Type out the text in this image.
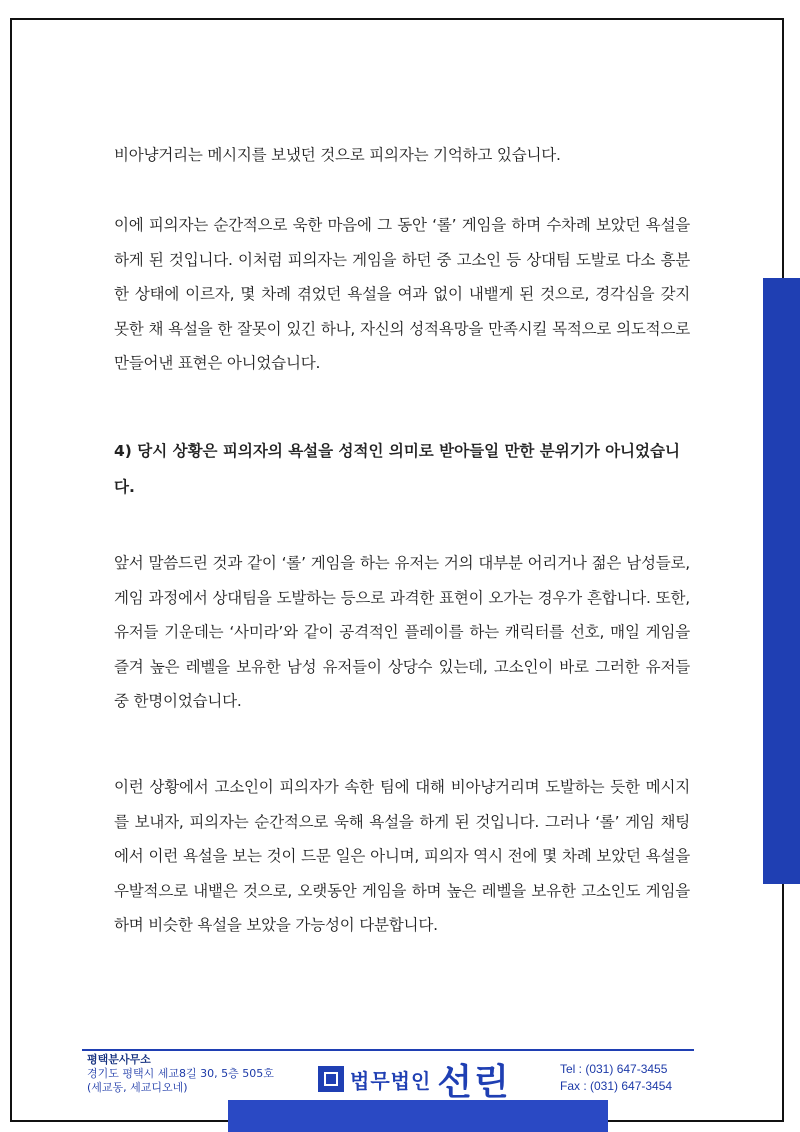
비아냥거리는 메시지를 보냈던 것으로 피의자는 기억하고 있습니다.

이에 피의자는 순간적으로 욱한 마음에 그 동안 ‘롤’ 게임을 하며 수차례 보았던 욕설을 하게 된 것입니다. 이처럼 피의자는 게임을 하던 중 고소인 등 상대팀 도발로 다소 흥분한 상태에 이르자, 몇 차례 겪었던 욕설을 여과 없이 내뱉게 된 것으로, 경각심을 갖지 못한 채 욕설을 한 잘못이 있긴 하나, 자신의 성적욕망을 만족시킬 목적으로 의도적으로 만들어낸 표현은 아니었습니다.

4) 당시 상황은 피의자의 욕설을 성적인 의미로 받아들일 만한 분위기가 아니었습니다.

앞서 말씀드린 것과 같이 ‘롤’ 게임을 하는 유저는 거의 대부분 어리거나 젊은 남성들로, 게임 과정에서 상대팀을 도발하는 등으로 과격한 표현이 오가는 경우가 흔합니다. 또한, 유저들 기운데는 ‘사미라’와 같이 공격적인 플레이를 하는 캐릭터를 선호, 매일 게임을 즐겨 높은 레벨을 보유한 남성 유저들이 상당수 있는데, 고소인이 바로 그러한 유저들 중 한명이었습니다.

이런 상황에서 고소인이 피의자가 속한 팀에 대해 비아냥거리며 도발하는 듯한 메시지를 보내자, 피의자는 순간적으로 욱해 욕설을 하게 된 것입니다. 그러나 ‘롤’ 게임 채팅에서 이런 욕설을 보는 것이 드문 일은 아니며, 피의자 역시 전에 몇 차례 보았던 욕설을 우발적으로 내뱉은 것으로, 오랫동안 게임을 하며 높은 레벨을 보유한 고소인도 게임을 하며 비슷한 욕설을 보았을 가능성이 다분합니다.

평택분사무소
경기도 평택시 세교8길 30, 5층 505호
(세교동, 세교디오네)	법무법인 선린	Tel : (031) 647-3455
Fax : (031) 647-3454
